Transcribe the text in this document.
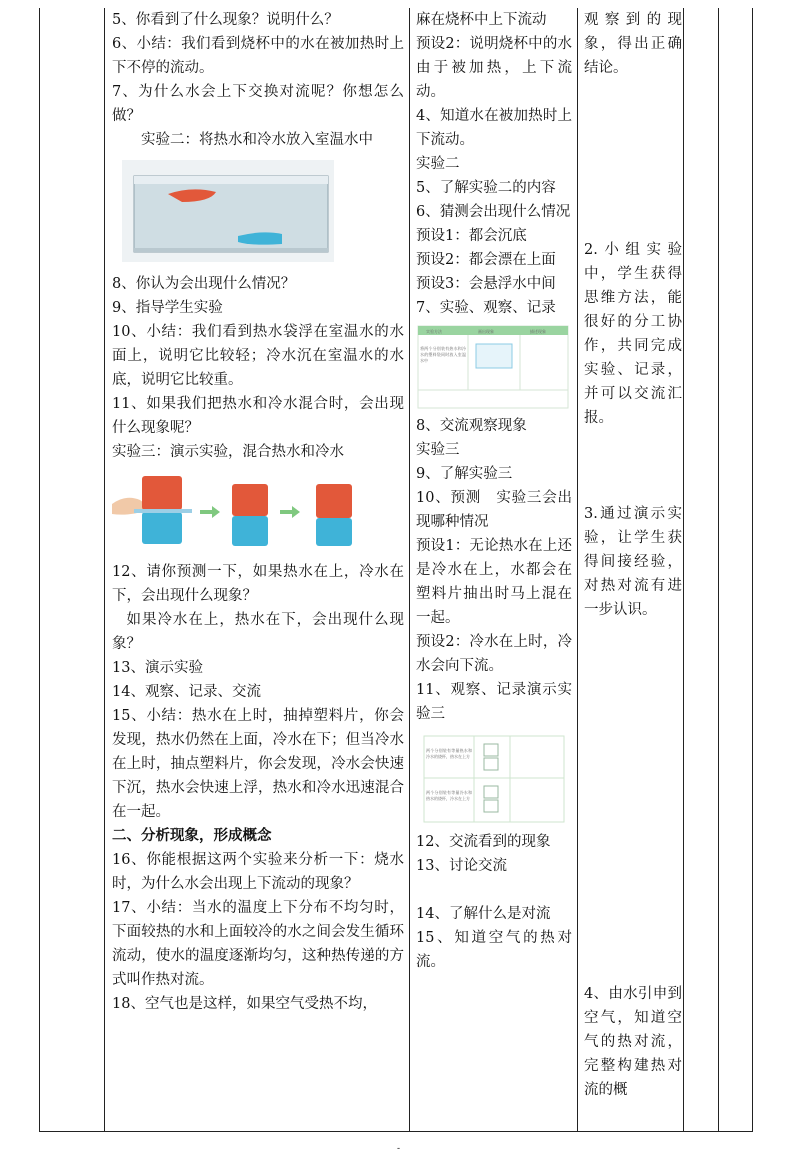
5、你看到了什么现象？说明什么？

6、小结：我们看到烧杯中的水在被加热时上下不停的流动。

7、为什么水会上下交换对流呢？你想怎么做？

实验二：将热水和冷水放入室温水中

8、你认为会出现什么情况？

9、指导学生实验

10、小结：我们看到热水袋浮在室温水的水面上，说明它比较轻；冷水沉在室温水的水底，说明它比较重。

11、如果我们把热水和冷水混合时，会出现什么现象呢？

实验三：演示实验，混合热水和冷水

12、请你预测一下，如果热水在上，冷水在下，会出现什么现象？

如果冷水在上，热水在下，会出现什么现象？

13、演示实验

14、观察、记录、交流

15、小结：热水在上时，抽掉塑料片，你会发现，热水仍然在上面，冷水在下；但当冷水在上时，抽点塑料片，你会发现，冷水会快速下沉，热水会快速上浮，热水和冷水迅速混合在一起。

二、分析现象，形成概念

16、你能根据这两个实验来分析一下：烧水时，为什么水会出现上下流动的现象？

17、小结：当水的温度上下分布不均匀时，下面较热的水和上面较冷的水之间会发生循环流动，使水的温度逐渐均匀，这种热传递的方式叫作热对流。

18、空气也是这样，如果空气受热不均，

麻在烧杯中上下流动

预设2：说明烧杯中的水由于被加热，上下流动。

4、知道水在被加热时上下流动。

实验二

5、了解实验二的内容

6、猜测会出现什么情况

预设1：都会沉底

预设2：都会漂在上面

预设3：会悬浮水中间

7、实验、观察、记录

实验方法	画出现象	描述现象
将两个分别装有热水和冷水的塑料袋同时放入室温水中

8、交流观察现象

实验三

9、了解实验三

10、预测　实验三会出现哪种情况

预设1：无论热水在上还是冷水在上，水都会在塑料片抽出时马上混在一起。

预设2：冷水在上时，冷水会向下流。

11、观察、记录演示实验三

两个分别装有等量热水和冷水的烧杯，热水在上方
两个分别装有等量冷水和热水的烧杯，冷水在上方

12、交流看到的现象

13、讨论交流

14、了解什么是对流

15、知道空气的热对流。

观察到的现象，得出正确结论。

2.小组实验中，学生获得思维方法，能很好的分工协作，共同完成实验、记录，并可以交流汇报。

3.通过演示实验，让学生获得间接经验，对热对流有进一步认识。

4、由水引申到空气，知道空气的热对流，完整构建热对流的概

-
